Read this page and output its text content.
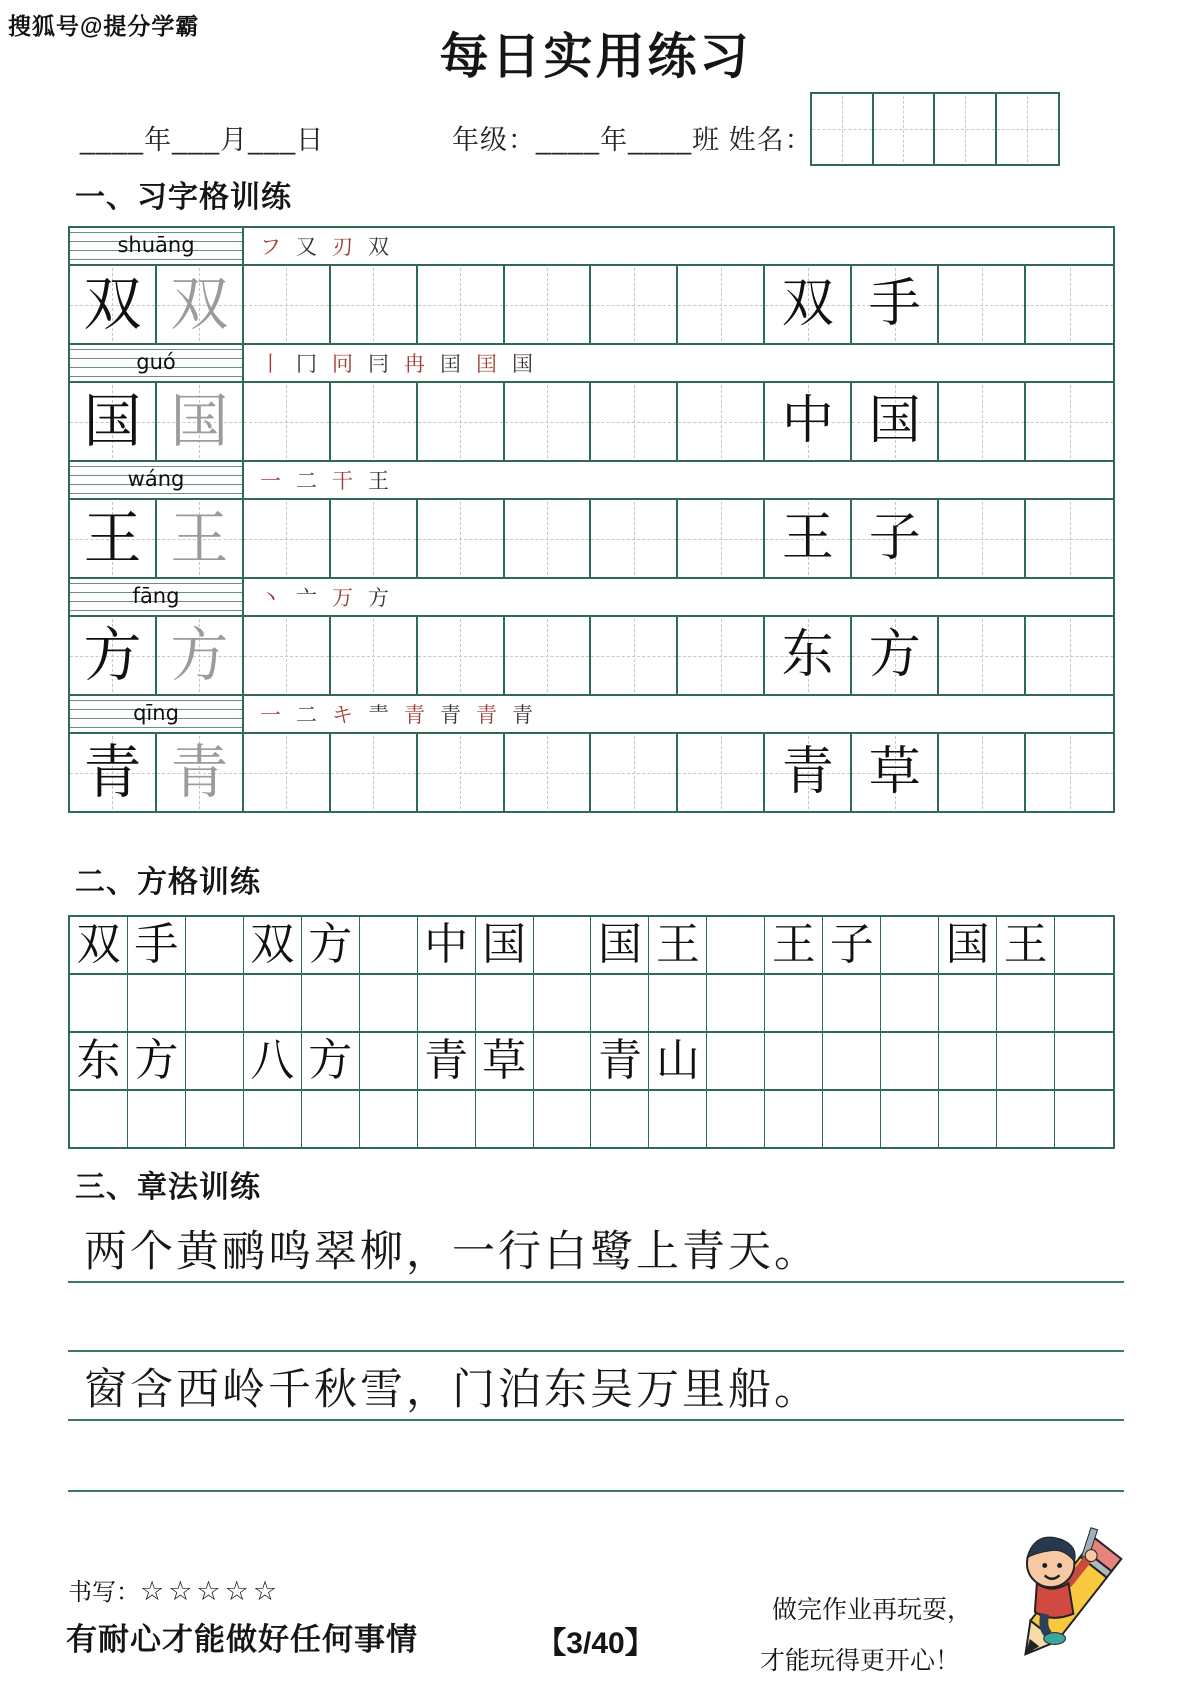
搜狐号@提分学霸
每日实用练习
____年___月___日	年级：____年____班 姓名：
一、习字格训练
shuāng	フ 又 刃 双
双 双	双 手
guó	丨 冂 冋 冃 冉 囯 囯 国
国 国	中 国
wáng	一 二 干 王
王 王	王 子
fāng	丶 亠 万 方
方 方	东 方
qīng	一 二 キ 龶 青 青 青 青
青 青	青 草
二、方格训练
双 手 双 方 中 国 国 王 王 子 国 王
东 方 八 方 青 草 青 山
三、章法训练
两个黄鹂鸣翠柳，一行白鹭上青天。
窗含西岭千秋雪，门泊东吴万里船。
书写：☆☆☆☆☆
有耐心才能做好任何事情	【3/40】
做完作业再玩耍，
才能玩得更开心！
